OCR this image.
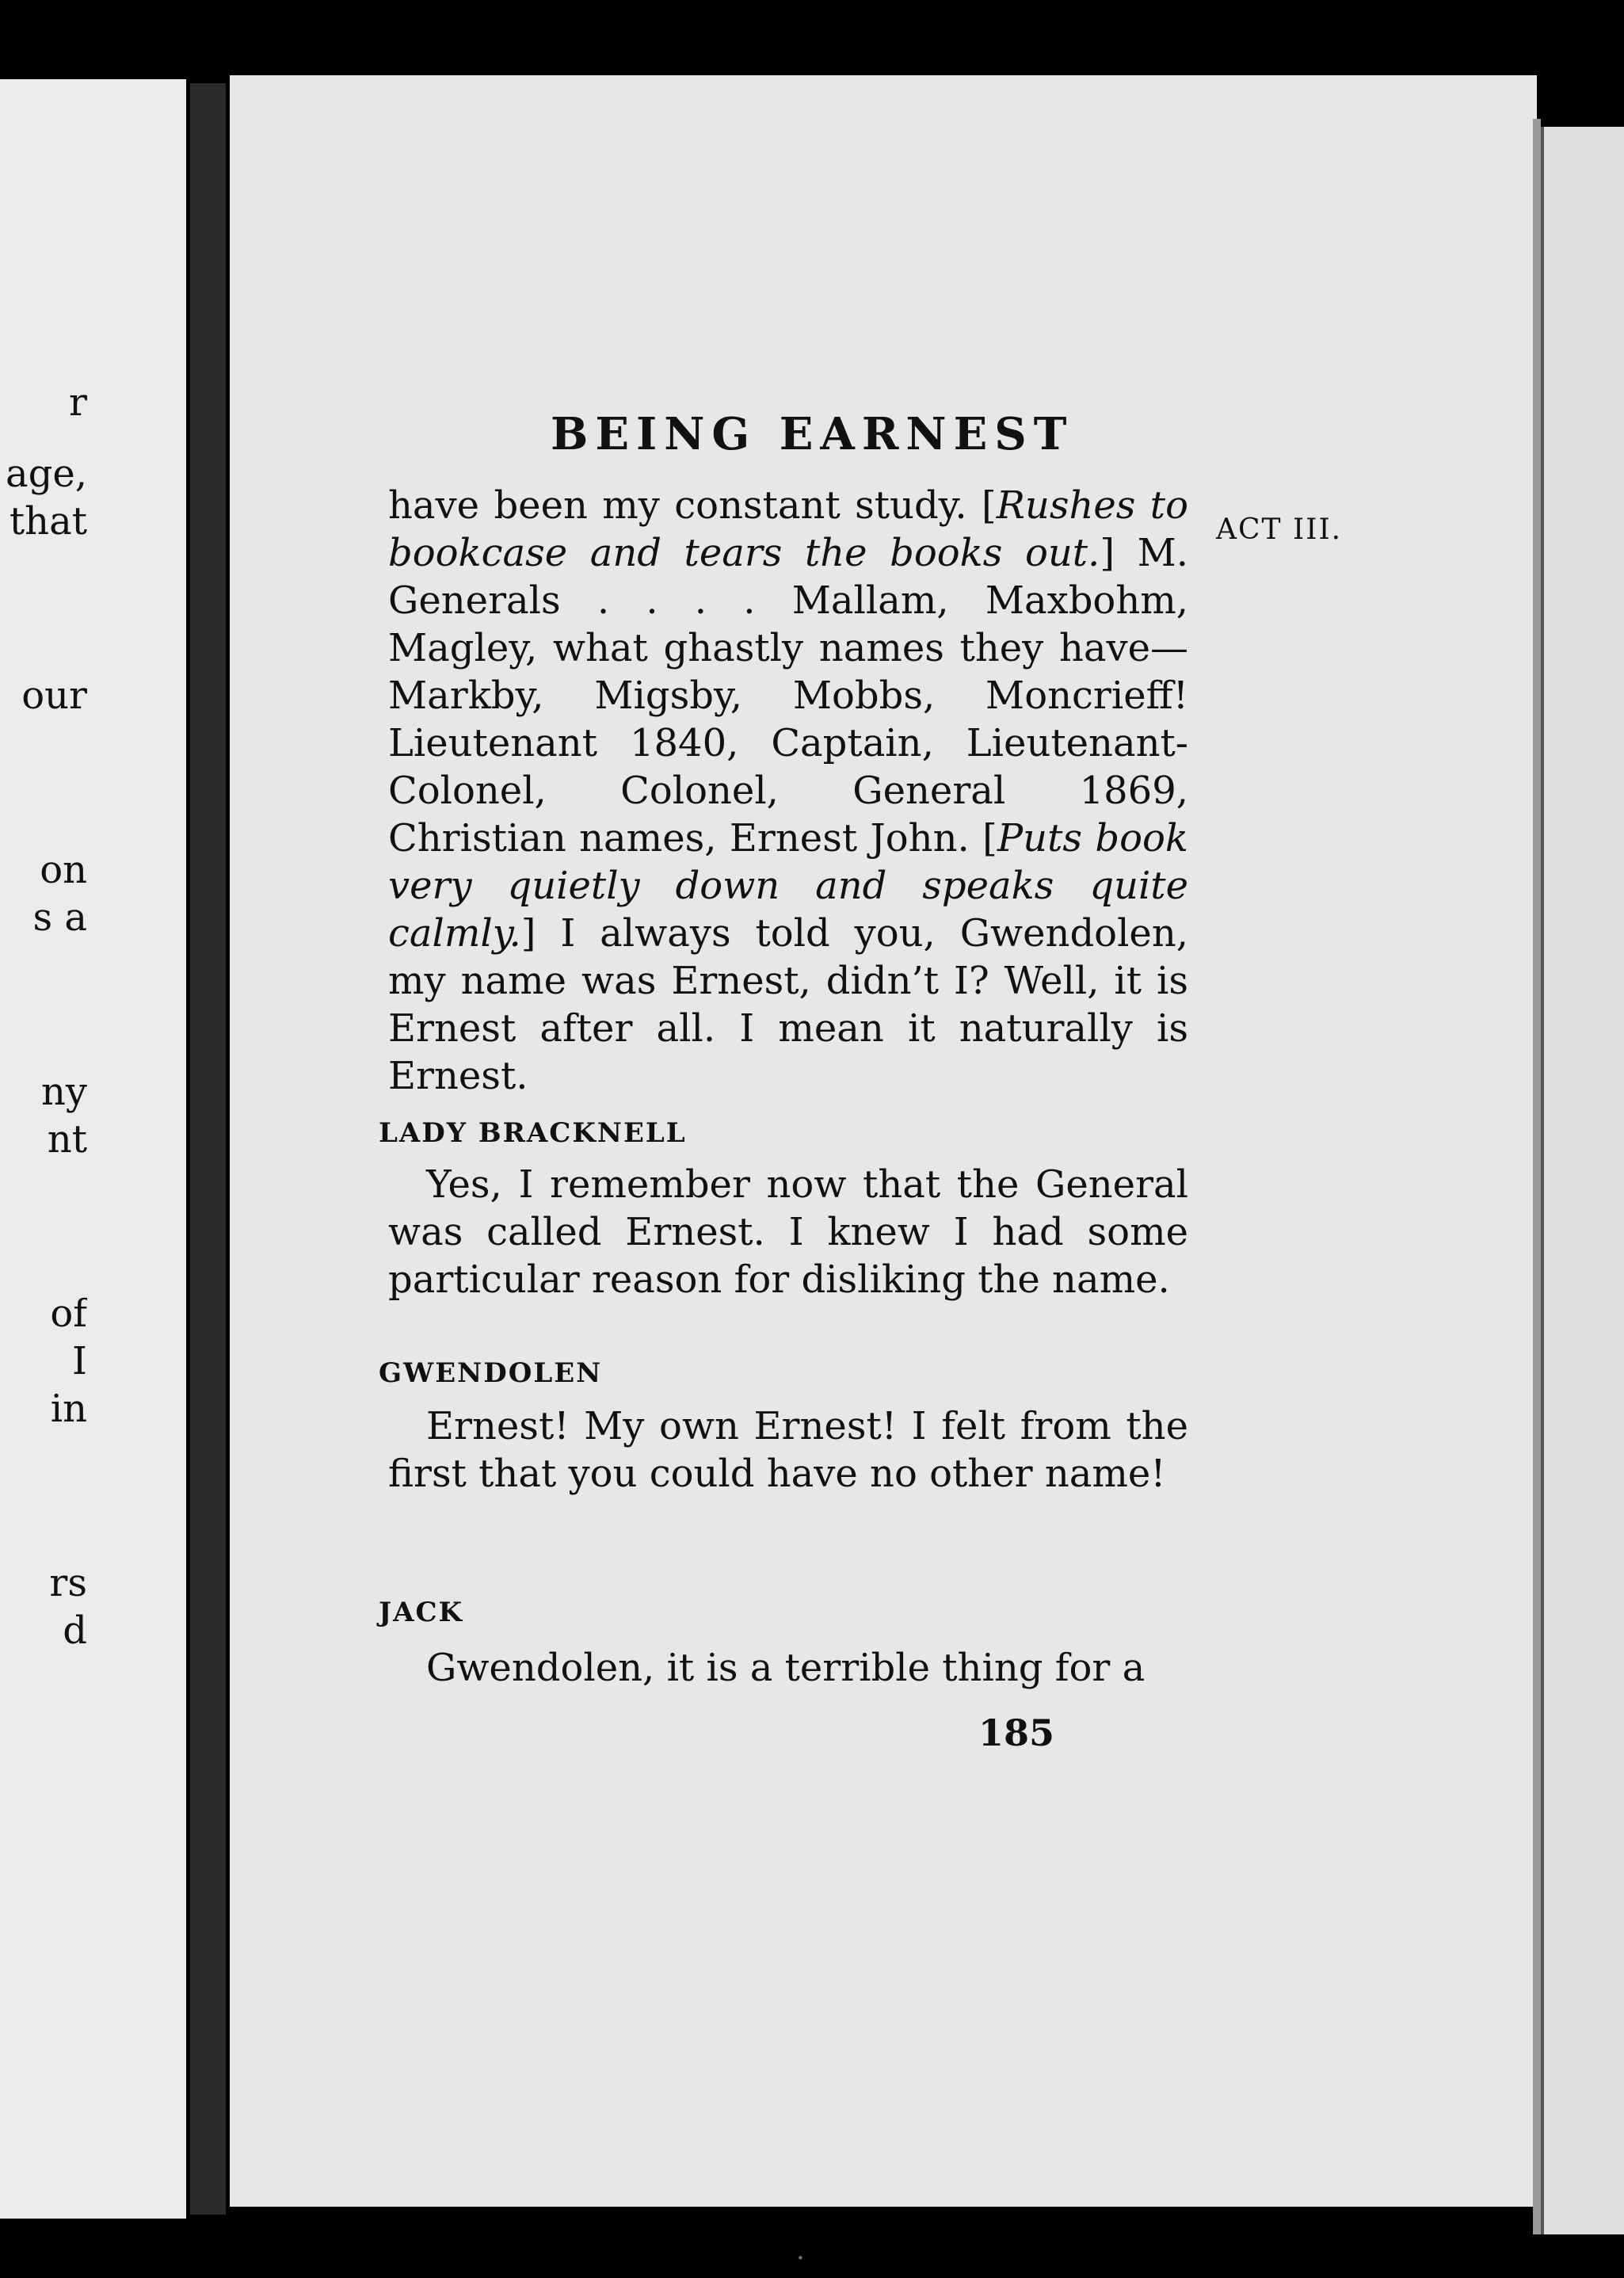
r
age,
that
our
on
s a
ny
nt
of
I
in
rs
d
BEING EARNEST
ACT III.

have been my constant study. [Rushes to bookcase and tears the books out.] M. Generals . . . . Mallam, Maxbohm, Magley, what ghastly names they have—Markby, Migsby, Mobbs, Moncrieff! Lieutenant 1840, Captain, Lieutenant-Colonel, Colonel, General 1869, Christian names, Ernest John. [Puts book very quietly down and speaks quite calmly.] I always told you, Gwendolen, my name was Ernest, didn’t I? Well, it is Ernest after all. I mean it naturally is Ernest.

LADY BRACKNELL

Yes, I remember now that the General was called Ernest. I knew I had some particular reason for disliking the name.

GWENDOLEN

Ernest! My own Ernest! I felt from the first that you could have no other name!

JACK

Gwendolen, it is a terrible thing for a

185
·
